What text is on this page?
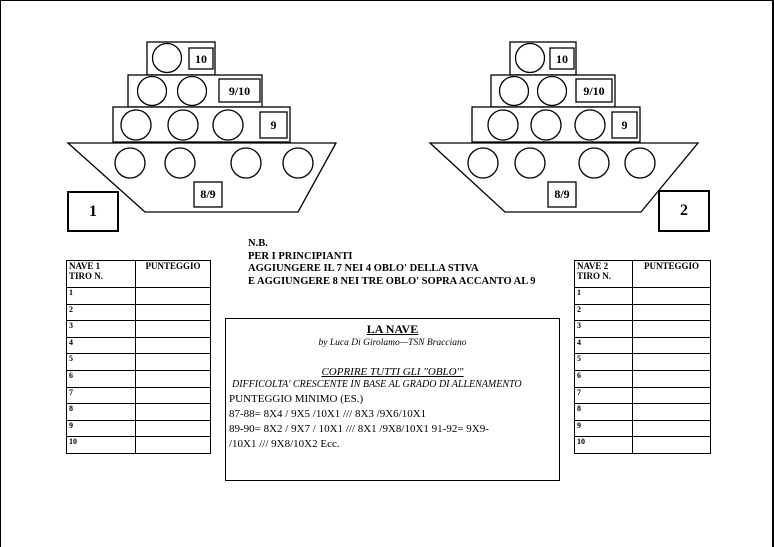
10
9/10
9
8/9
1
10
9/10
9
8/9
2
NAVE 1
TIRO N.	PUNTEGGIO
1	
2	
3	
4	
5	
6	
7	
8	
9	
10	
NAVE 2
TIRO N.	PUNTEGGIO
1	
2	
3	
4	
5	
6	
7	
8	
9	
10	
N.B.
PER I PRINCIPIANTI
AGGIUNGERE IL 7 NEI 4 OBLO' DELLA STIVA
E AGGIUNGERE 8 NEI TRE OBLO' SOPRA ACCANTO AL 9
LA NAVE
by Luca Di Girolamo—TSN Bracciano
COPRIRE TUTTI GLI "OBLO'"
DIFFICOLTA' CRESCENTE IN BASE AL GRADO DI ALLENAMENTO
PUNTEGGIO MINIMO (ES.)
87-88= 8X4 / 9X5 /10X1 /// 8X3 /9X6/10X1
89-90= 8X2 / 9X7 / 10X1 /// 8X1 /9X8/10X1 91-92= 9X9-
/10X1 /// 9X8/10X2 Ecc.
